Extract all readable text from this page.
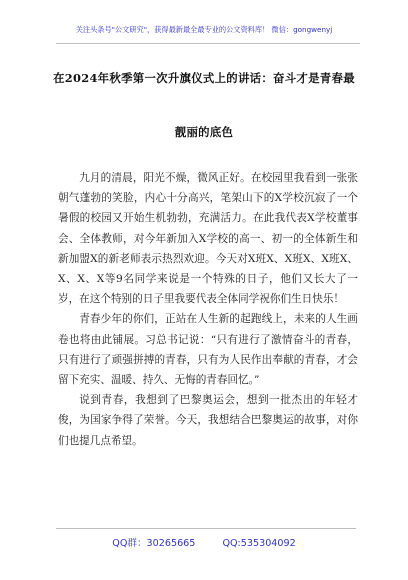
关注头条号"公文研究"，获得最新最全最专业的公文资料库！ 微信：gongwenyj
在2024年秋季第一次升旗仪式上的讲话：奋斗才是青春最
靓丽的底色

九月的清晨，阳光不燥，微风正好。在校园里我看到一张张朝气蓬勃的笑脸，内心十分高兴，笔架山下的X学校沉寂了一个暑假的校园又开始生机勃勃，充满活力。在此我代表X学校董事会、全体教师，对今年新加入X学校的高一、初一的全体新生和新加盟X的新老师表示热烈欢迎。今天对X班X、X班X、X班X、X、X、X等9名同学来说是一个特殊的日子，他们又长大了一岁，在这个特别的日子里我要代表全体同学祝你们生日快乐！

青春少年的你们，正站在人生新的起跑线上，未来的人生画卷也将由此铺展。习总书记说：“只有进行了激情奋斗的青春，只有进行了顽强拼搏的青春，只有为人民作出奉献的青春，才会留下充实、温暖、持久、无悔的青春回忆。”

说到青春，我想到了巴黎奥运会，想到一批杰出的年轻才俊，为国家争得了荣誉。今天，我想结合巴黎奥运的故事，对你们也提几点希望。

QQ群：30265665	QQ:535304092
